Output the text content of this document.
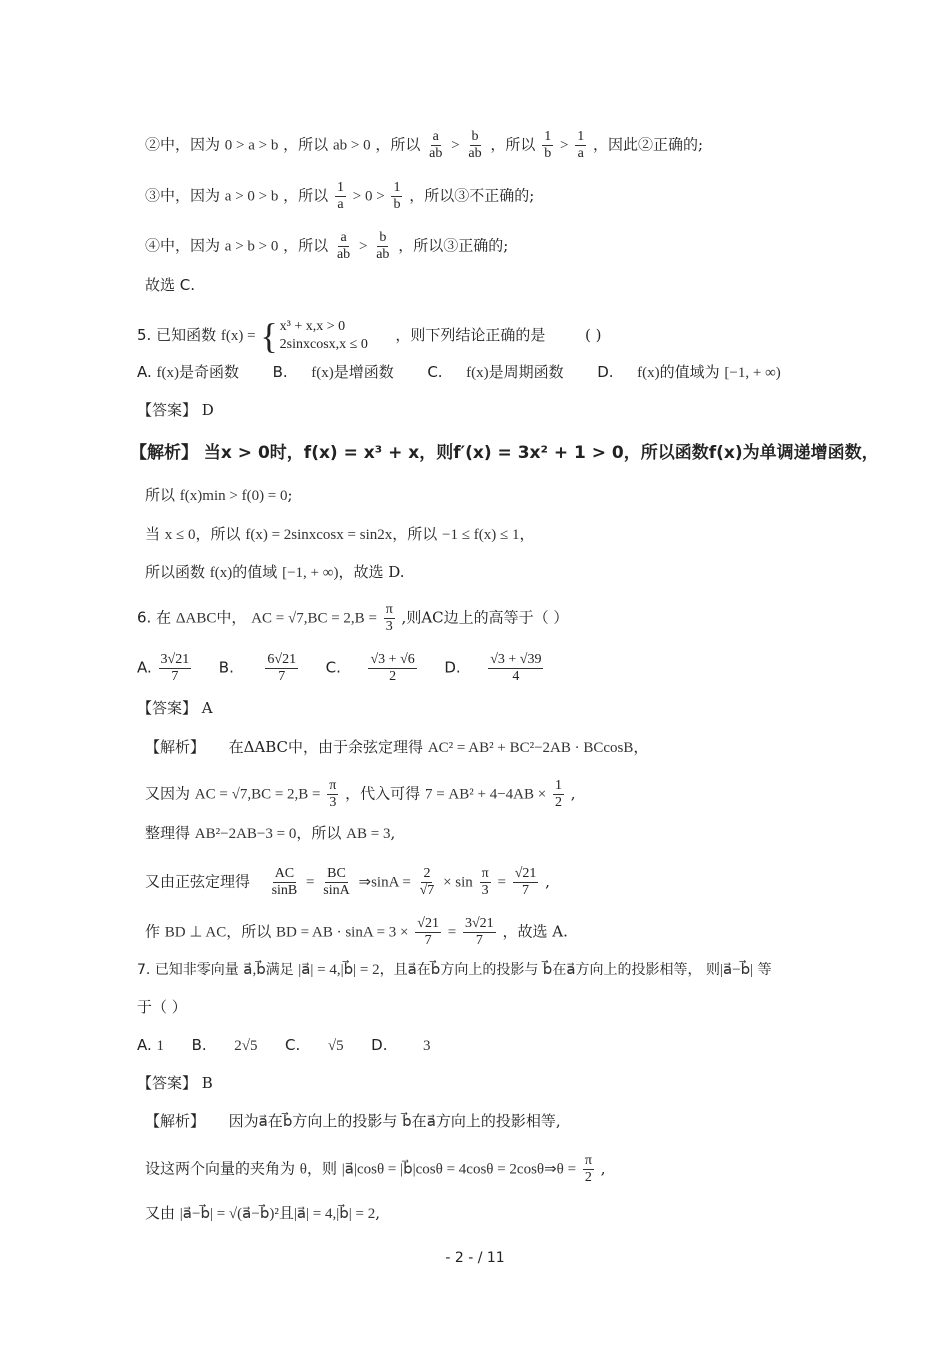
②中，因为 0 > a > b ，所以 ab > 0 ，所以 $\frac{a}{ab} > \frac{b}{ab}$ ，所以 $\frac{1}{b} > \frac{1}{a}$ ，因此②正确的;
③中，因为 a > 0 > b ，所以 $\frac{1}{a} > 0 > \frac{1}{b}$ ，所以③不正确的;
④中，因为 a > b > 0 ，所以 $\frac{a}{ab} > \frac{b}{ab}$ ，所以③正确的;
故选 C.
5. 已知函数 f(x) = { x³ + x,x > 0
2sinxcosx,x ≤ 0
，则下列结论正确的是	( )
A. f(x)是奇函数 B. f(x)是增函数 C. f(x)是周期函数 D. f(x)的值域为 [−1, + ∞)
【答案】 D
【解析】 当x > 0时，f(x) = x³ + x，则f′(x) = 3x² + 1 > 0，所以函数f(x)为单调递增函数，
所以 f(x)min > f(0) = 0;
当 x ≤ 0，所以 f(x) = 2sinxcosx = sin2x，所以 −1 ≤ f(x) ≤ 1，
所以函数 f(x)的值域 [−1, + ∞)，故选 D.
6. 在 ΔABC中， AC = $√7,BC = 2,B = \frac{\pi}{3}$ ,则AC边上的高等于（ ）
A. $\frac{3√21}{7} B$. $\frac{6√21}{7} C$. $\frac{√3 + √6}{2} D$. $\frac{√3 + √39}{4}$
【答案】 A
【解析】 在ΔABC中，由于余弦定理得 AC² = AB² + BC²−2AB · BCcosB，
又因为 AC = $√7,BC = 2,B = \frac{\pi}{3}$ ，代入可得 $7 = AB^2 + 4-4AB \times \frac{1}{2}$ ,
整理得 AB²−2AB−3 = 0，所以 AB = 3,
又由正弦定理得 $\frac{AC}{\sin B} = \frac{BC}{\sin A}$ ⇒sinA = $\frac{2}{√7} \times \sin \frac{\pi}{3} = \frac{√21}{7}$ ,
作 BD ⊥ AC，所以 BD = AB · $\sin A = 3 \times \frac{√21}{7} = \frac{3√21}{7}$ ，故选 A.
7. 已知非零向量 a⃗,b⃗满足 |a⃗| = 4,|b⃗| = 2，且a⃗在b⃗方向上的投影与 b⃗在a⃗方向上的投影相等， 则|a⃗−b⃗| 等
于（ ）
A. 1 B. 2√5 C. √5 D. 3
【答案】 B
【解析】 因为a⃗在b⃗方向上的投影与 b⃗在a⃗方向上的投影相等,
设这两个向量的夹角为 θ，则 |a⃗|cosθ = |b⃗|cosθ = 4cosθ = 2cosθ⇒θ = $\frac{\pi}{2}$ ,
又由 |a⃗−b⃗| = √(a⃗−b⃗)²且|a⃗| = 4,|b⃗| = 2,
- 2 - / 11
